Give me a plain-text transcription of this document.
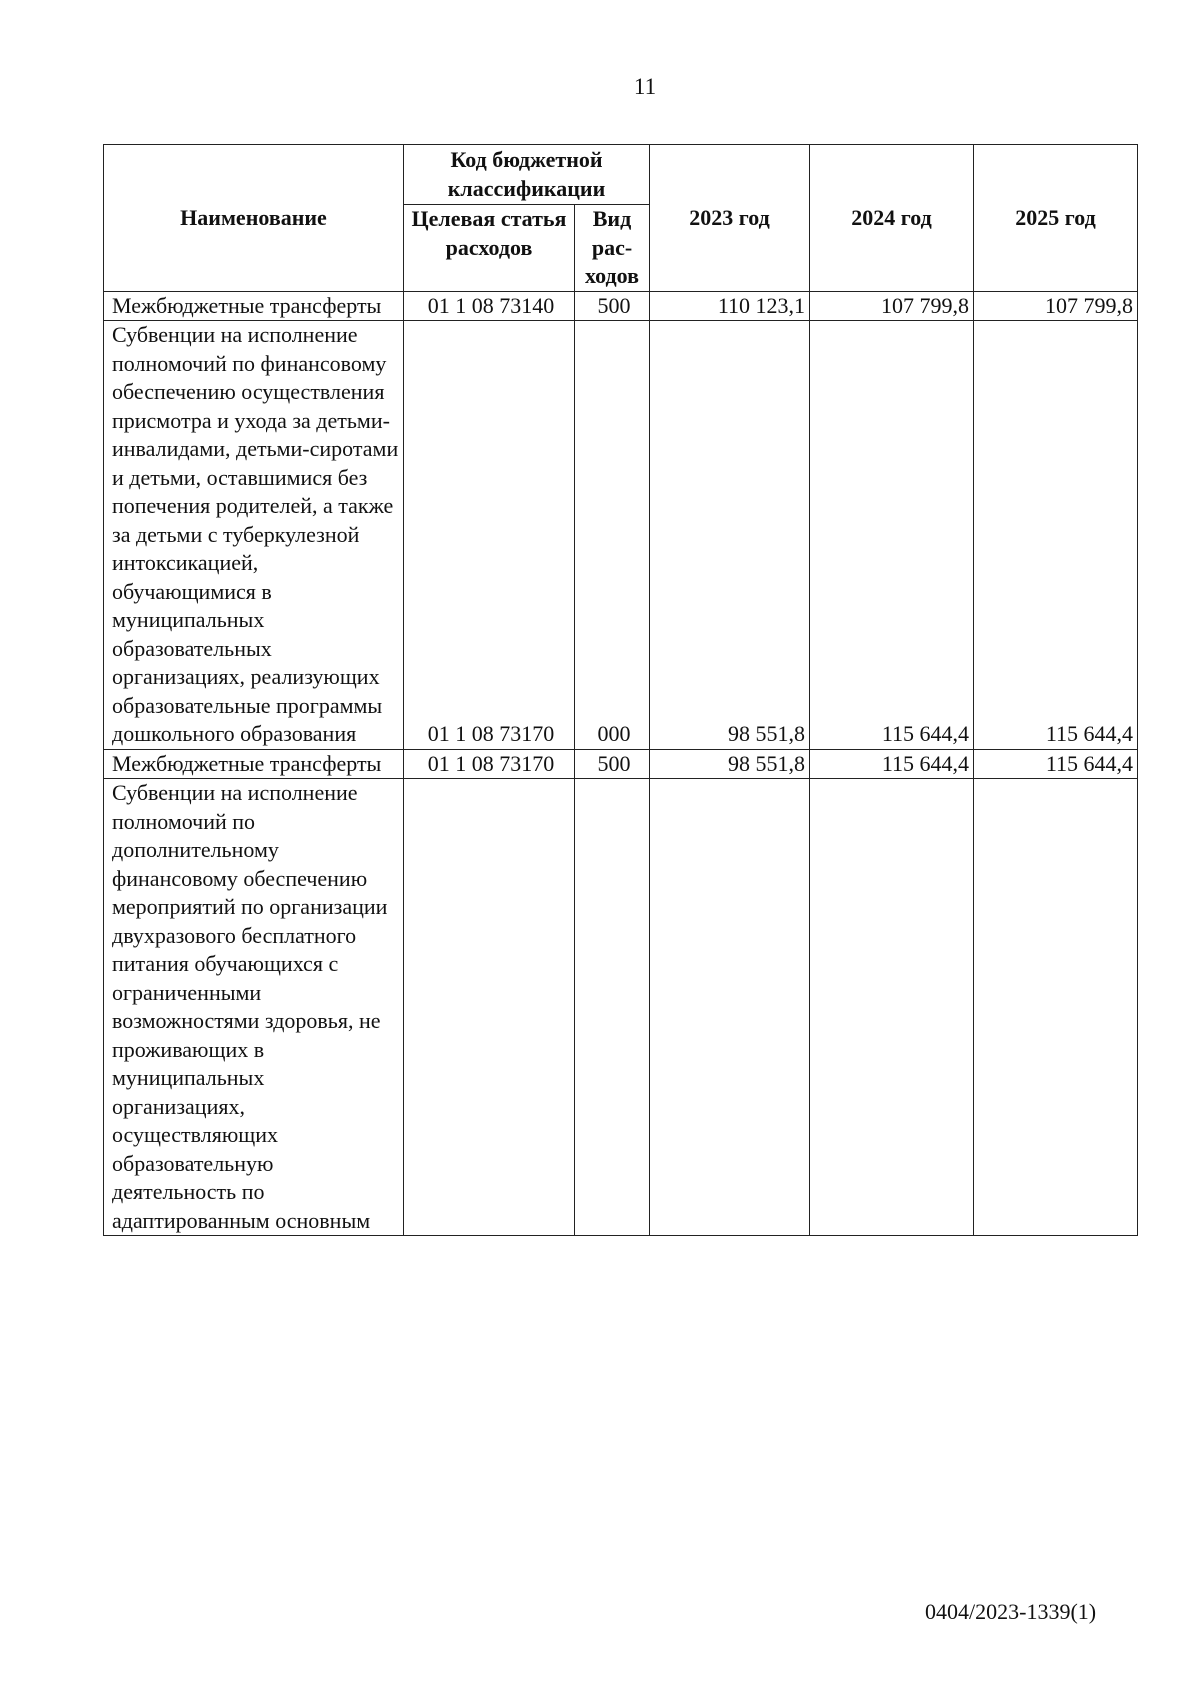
11
Наименование	Код бюджетной классификации		2023 год	2024 год	2025 год
	Целевая статья расходов	Вид рас-ходов			
Межбюджетные трансферты	01 1 08 73140	500	110 123,1	107 799,8	107 799,8
Субвенции на исполнение полномочий по финансовому обеспечению осуществления присмотра и ухода за детьми-инвалидами, детьми-сиротами и детьми, оставшимися без попечения родителей, а также за детьми с туберкулезной интоксикацией, обучающимися в муниципальных образовательных организациях, реализующих образовательные программы дошкольного образования	01 1 08 73170	000	98 551,8	115 644,4	115 644,4
Межбюджетные трансферты	01 1 08 73170	500	98 551,8	115 644,4	115 644,4
Субвенции на исполнение полномочий по дополнительному финансовому обеспечению мероприятий по организации двухразового бесплатного питания обучающихся с ограниченными возможностями здоровья, не проживающих в муниципальных организациях, осуществляющих образовательную деятельность по адаптированным основным					
0404/2023-1339(1)
